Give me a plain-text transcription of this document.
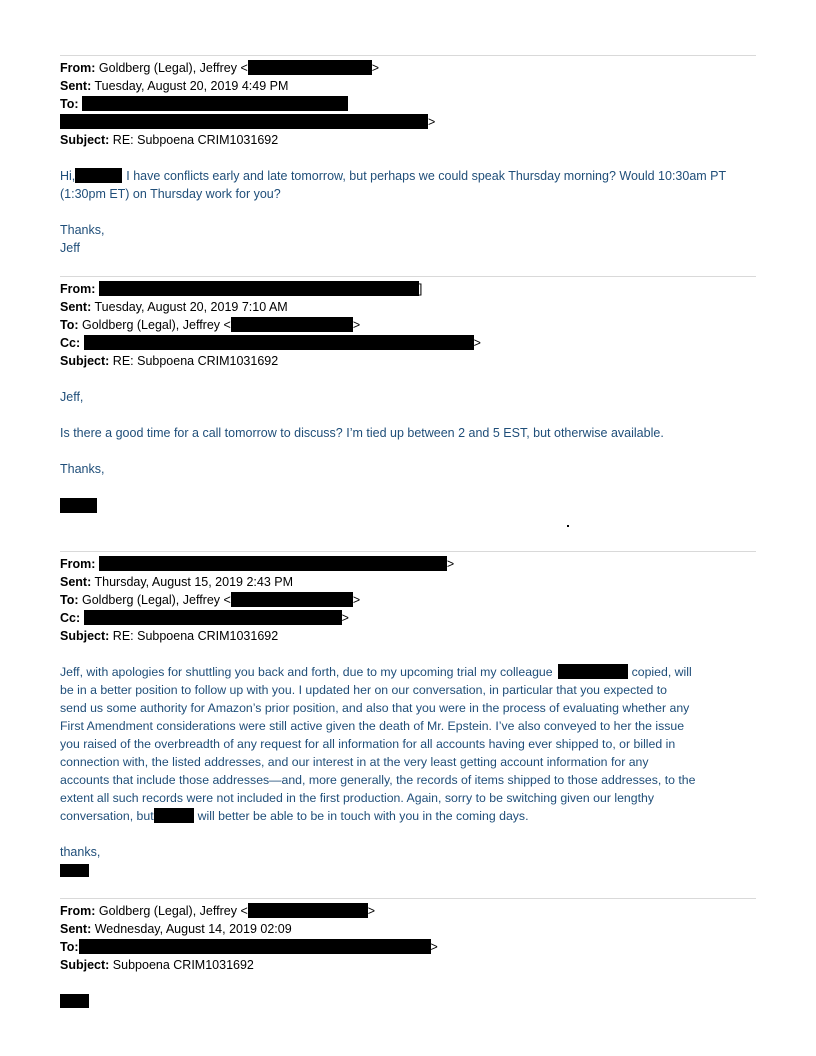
From: Goldberg (Legal), Jeffrey <	>
Sent: Tuesday, August 20, 2019 4:49 PM
To:
>
Subject: RE: Subpoena CRIM1031692
Hi,	I have conflicts early and late tomorrow, but perhaps we could speak Thursday morning? Would 10:30am PT (1:30pm ET) on Thursday work for you?
Thanks,
Jeff
From:	]
Sent: Tuesday, August 20, 2019 7:10 AM
To: Goldberg (Legal), Jeffrey <	>
Cc:	>
Subject: RE: Subpoena CRIM1031692
Jeff,
Is there a good time for a call tomorrow to discuss? I’m tied up between 2 and 5 EST, but otherwise available.
Thanks,
From:	>
Sent: Thursday, August 15, 2019 2:43 PM
To: Goldberg (Legal), Jeffrey <	>
Cc:	>
Subject: RE: Subpoena CRIM1031692
Jeff, with apologies for shuttling you back and forth, due to my upcoming trial my colleague	copied, will
be in a better position to follow up with you. I updated her on our conversation, in particular that you expected to
send us some authority for Amazon’s prior position, and also that you were in the process of evaluating whether any
First Amendment considerations were still active given the death of Mr. Epstein. I’ve also conveyed to her the issue
you raised of the overbreadth of any request for all information for all accounts having ever shipped to, or billed in
connection with, the listed addresses, and our interest in at the very least getting account information for any
accounts that include those addresses—and, more generally, the records of items shipped to those addresses, to the
extent all such records were not included in the first production. Again, sorry to be switching given our lengthy
conversation, but	will better be able to be in touch with you in the coming days.
thanks,
From: Goldberg (Legal), Jeffrey <	>
Sent: Wednesday, August 14, 2019 02:09
To:	>
Subject: Subpoena CRIM1031692
